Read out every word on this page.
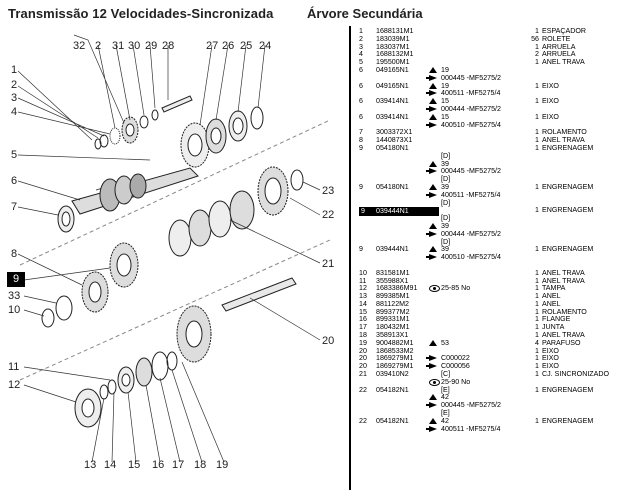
Transmissão 12 Velocidades-Sincronizada	Árvore Secundária
32 2 31 30 29 28	27 26 25 24
1
2
3
4
5
6
7
8
9
33
10
11
12
13 14 15 16 17 18 19
20
21
22
23
1	1688131M1	1 ESPAÇADOR
2	183039M1	56 ROLETE
3	183037M1	1 ARRUELA
4	1688132M1	2 ARRUELA
5	195500M1	1 ANEL TRAVA
6	049165N1	19
000445 -MF5275/2
6	049165N1	1 EIXO
19
400511 -MF5275/4
6	039414N1	1 EIXO
15
000444 -MF5275/2
6	039414N1	1 EIXO
15
400510 -MF5275/4
7	3003372X1	1 ROLAMENTO
8	1440873X1	1 ANEL TRAVA
9	054180N1	1 ENGRENAGEM
[D]
39
000445 -MF5275/2
[D]
9	054180N1	1 ENGRENAGEM
39
400511 -MF5275/4
[D]
9 039444N1	1 ENGRENAGEM
[D]
39
000444 -MF5275/2
[D]
9	039444N1	1 ENGRENAGEM
39
400510 -MF5275/4
10	831581M1	1 ANEL TRAVA
11	355988X1	1 ANEL TRAVA
12	1683386M91	1 TAMPA
25-85 No
13	899385M1	1 ANEL
14	881122M2	1 ANEL
15	899377M2	1 ROLAMENTO
16	899331M1	1 FLANGE
17	180432M1	1 JUNTA
18	358913X1	1 ANEL TRAVA
19	9004882M1	4 PARAFUSO
53
20	1868533M2	1 EIXO
20	1869279M1	1 EIXO
C000022
20	1869279M1	1 EIXO
C000056
21	039410N2	1 CJ. SINCRONIZADO
[C]
25-90 No
22	054182N1	1 ENGRENAGEM
[E]
42
000445 -MF5275/2
[E]
22	054182N1	1 ENGRENAGEM
42
400511 -MF5275/4
